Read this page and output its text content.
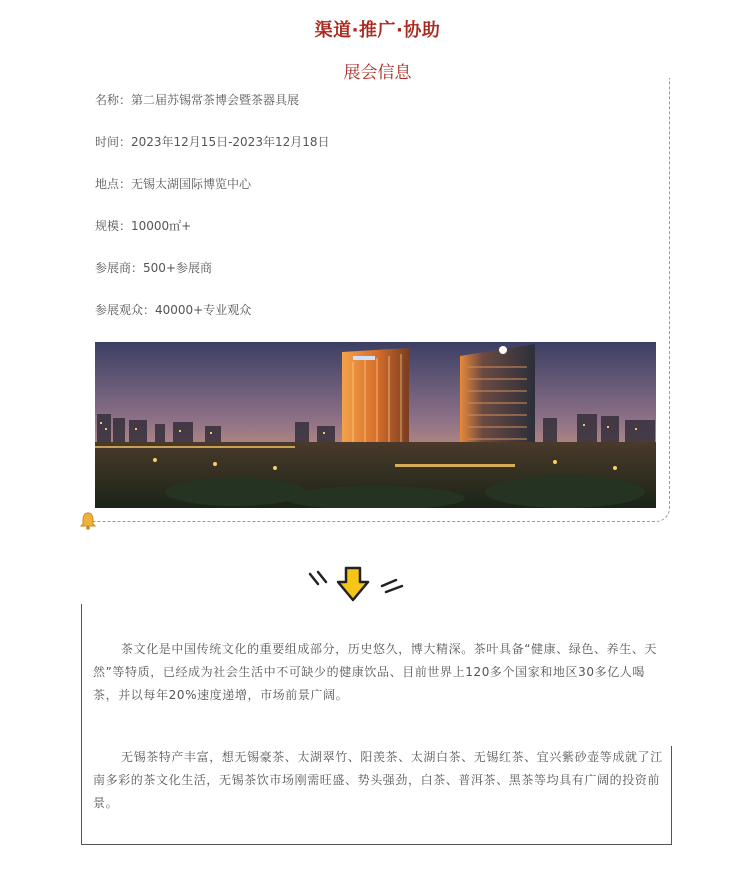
渠道·推广·协助
展会信息
名称：第二届苏锡常茶博会暨茶器具展
时间：2023年12月15日-2023年12月18日
地点：无锡太湖国际博览中心
规模：10000㎡+
参展商：500+参展商
参展观众：40000+专业观众

茶文化是中国传统文化的重要组成部分，历史悠久，博大精深。茶叶具备“健康、绿色、养生、天然”等特质，已经成为社会生活中不可缺少的健康饮品、目前世界上120多个国家和地区30多亿人喝茶，并以每年20%速度递增，市场前景广阔。

无锡茶特产丰富，想无锡豪茶、太湖翠竹、阳羡茶、太湖白茶、无锡红茶、宜兴紫砂壶等成就了江南多彩的茶文化生活，无锡茶饮市场刚需旺盛、势头强劲，白茶、普洱茶、黑茶等均具有广阔的投资前景。
